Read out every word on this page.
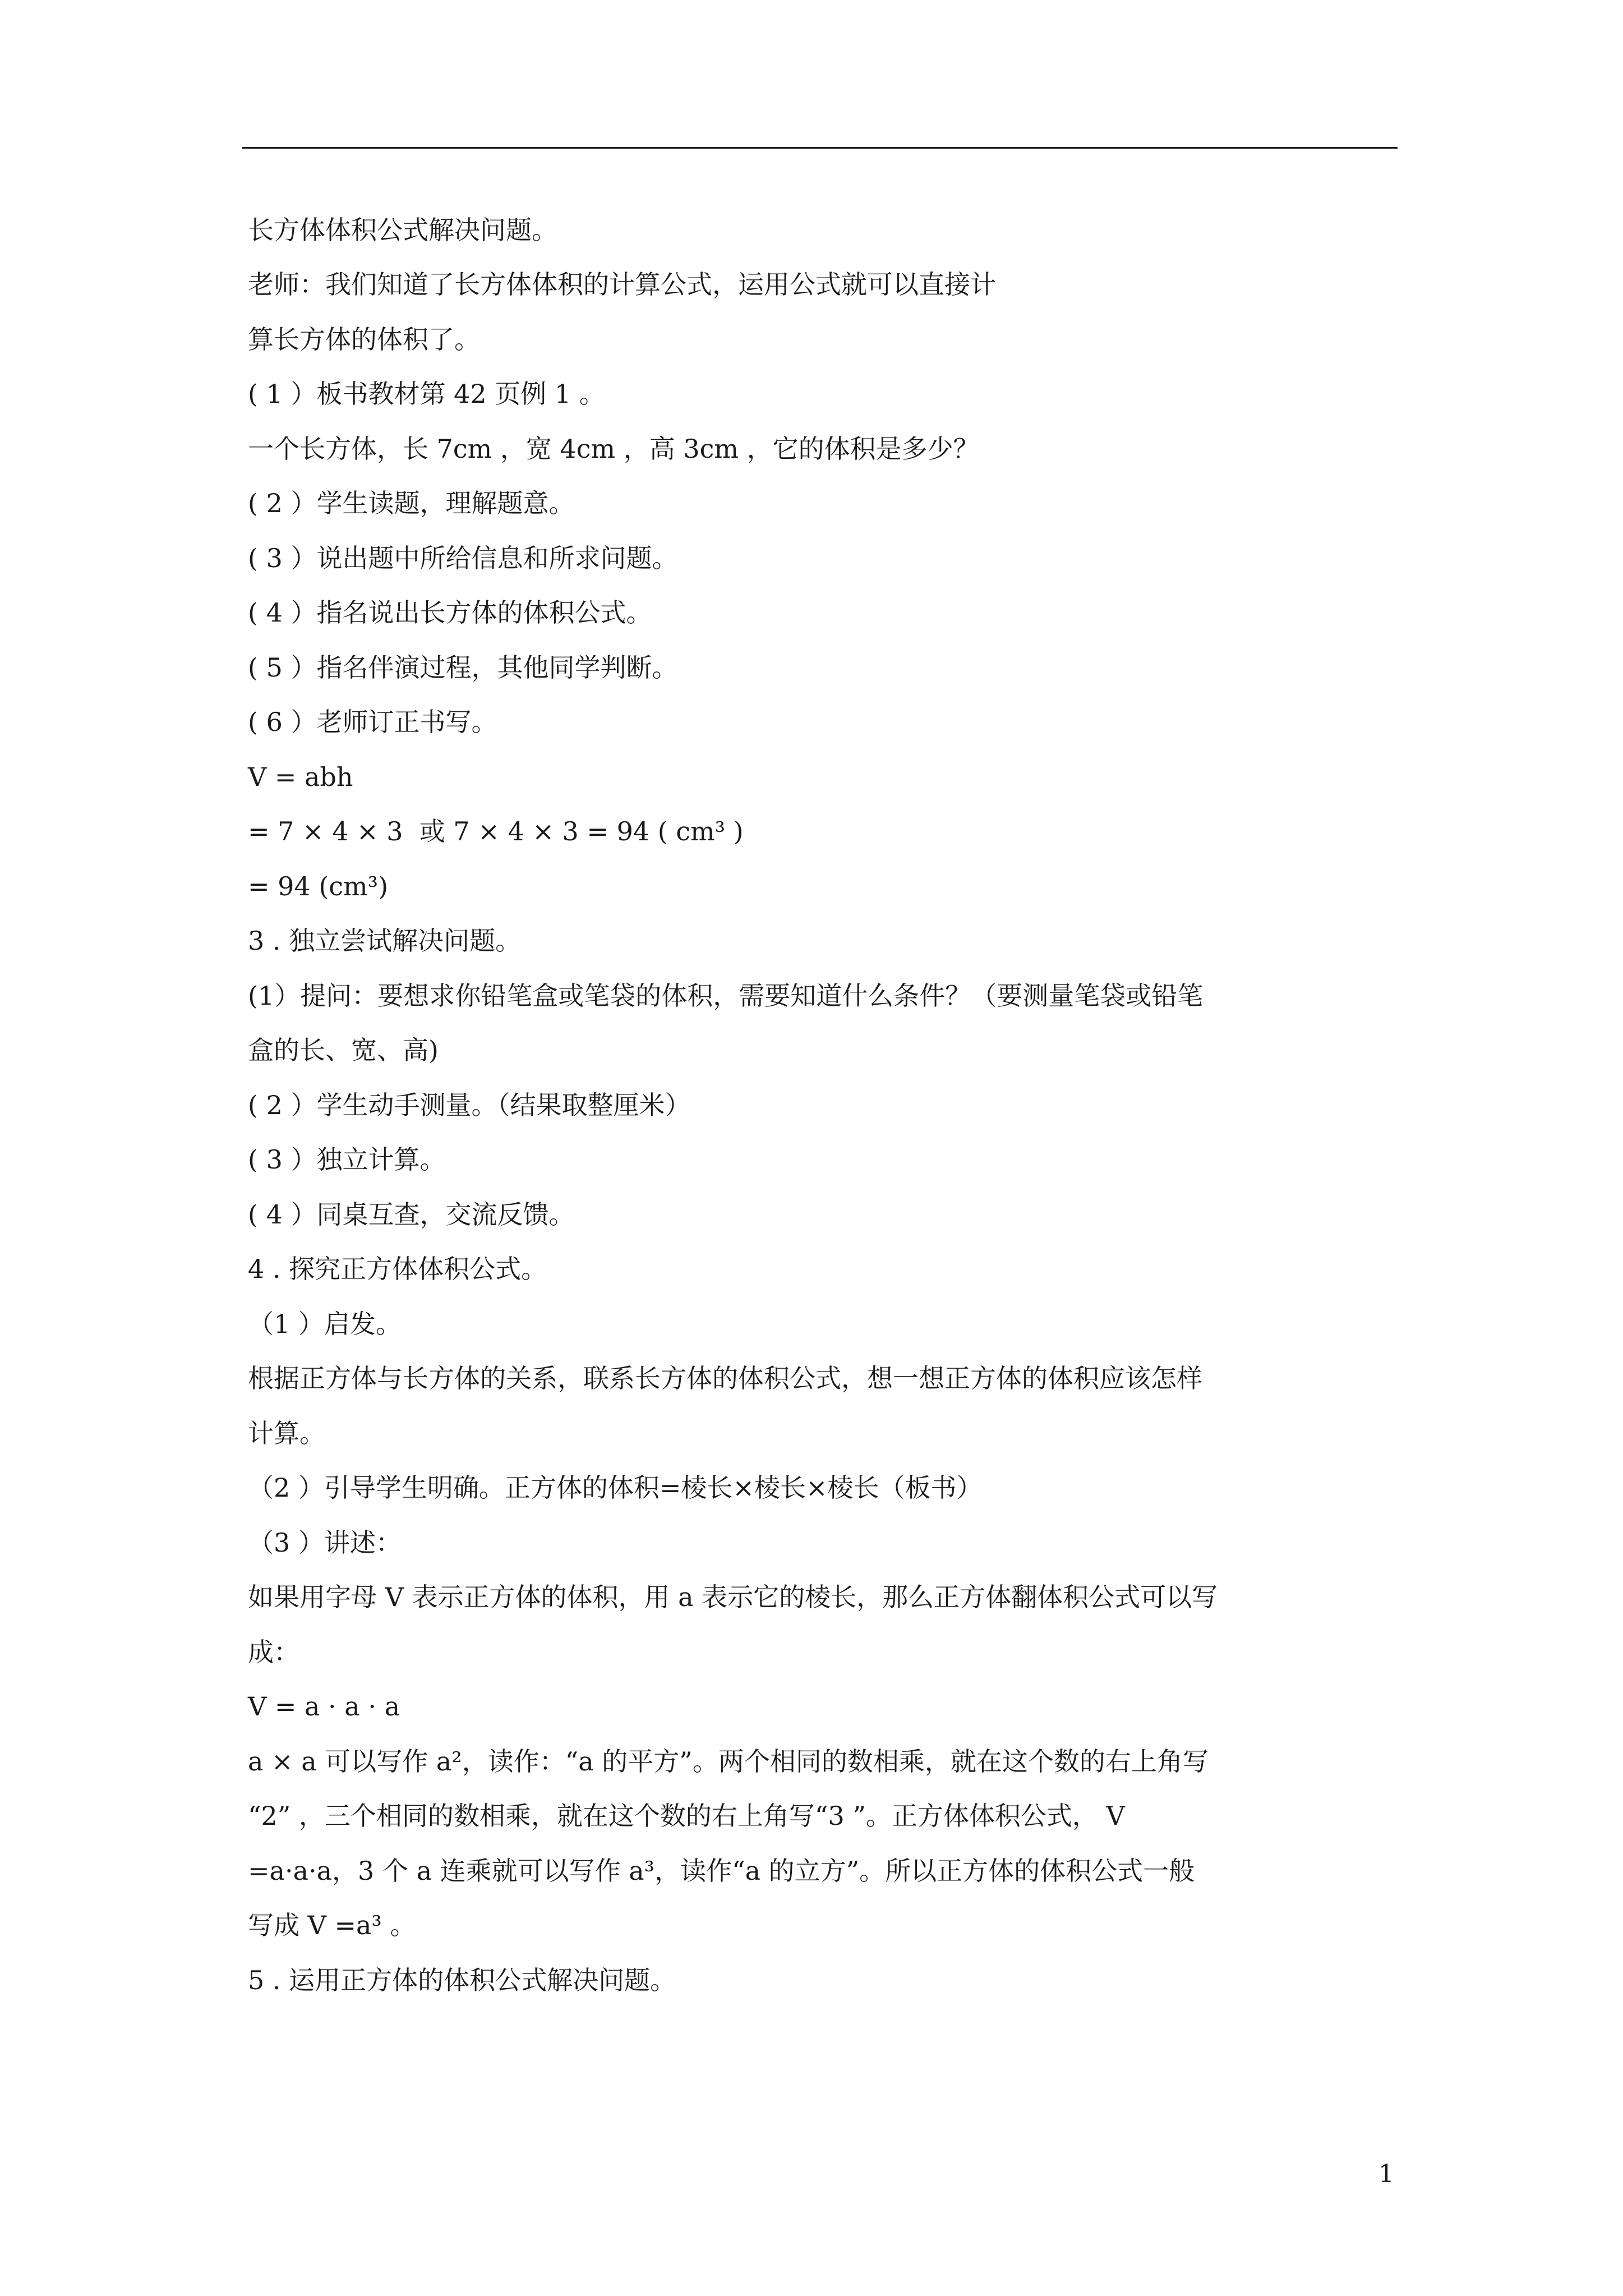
长方体体积公式解决问题。
老师：我们知道了长方体体积的计算公式，运用公式就可以直接计
算长方体的体积了。
( 1 ）板书教材第 42 页例 1 。
一个长方体，长 7cm ，宽 4cm ，高 3cm ，它的体积是多少？
( 2 ）学生读题，理解题意。
( 3 ）说出题中所给信息和所求问题。
( 4 ）指名说出长方体的体积公式。
( 5 ）指名伴演过程，其他同学判断。
( 6 ）老师订正书写。
V = abh
= 7 × 4 × 3  或 7 × 4 × 3 = 94 ( cm³ )
= 94 (cm³)
3 . 独立尝试解决问题。
(1）提问：要想求你铅笔盒或笔袋的体积，需要知道什么条件？（要测量笔袋或铅笔
盒的长、宽、高)
( 2 ）学生动手测量。（结果取整厘米）
( 3 ）独立计算。
( 4 ）同桌互查，交流反馈。
4 . 探究正方体体积公式。
（1 ）启发。
根据正方体与长方体的关系，联系长方体的体积公式，想一想正方体的体积应该怎样
计算。
（2 ）引导学生明确。正方体的体积=棱长×棱长×棱长（板书）
（3 ）讲述：
如果用字母 V 表示正方体的体积，用 a 表示它的棱长，那么正方体翻体积公式可以写
成：
V = a · a · a
a × a 可以写作 a²，读作：“a 的平方”。两个相同的数相乘，就在这个数的右上角写
“2” ，三个相同的数相乘，就在这个数的右上角写“3 ”。正方体体积公式， V
=a·a·a，3 个 a 连乘就可以写作 a³，读作“a 的立方”。所以正方体的体积公式一般
写成 V =a³ 。
5 . 运用正方体的体积公式解决问题。
1
